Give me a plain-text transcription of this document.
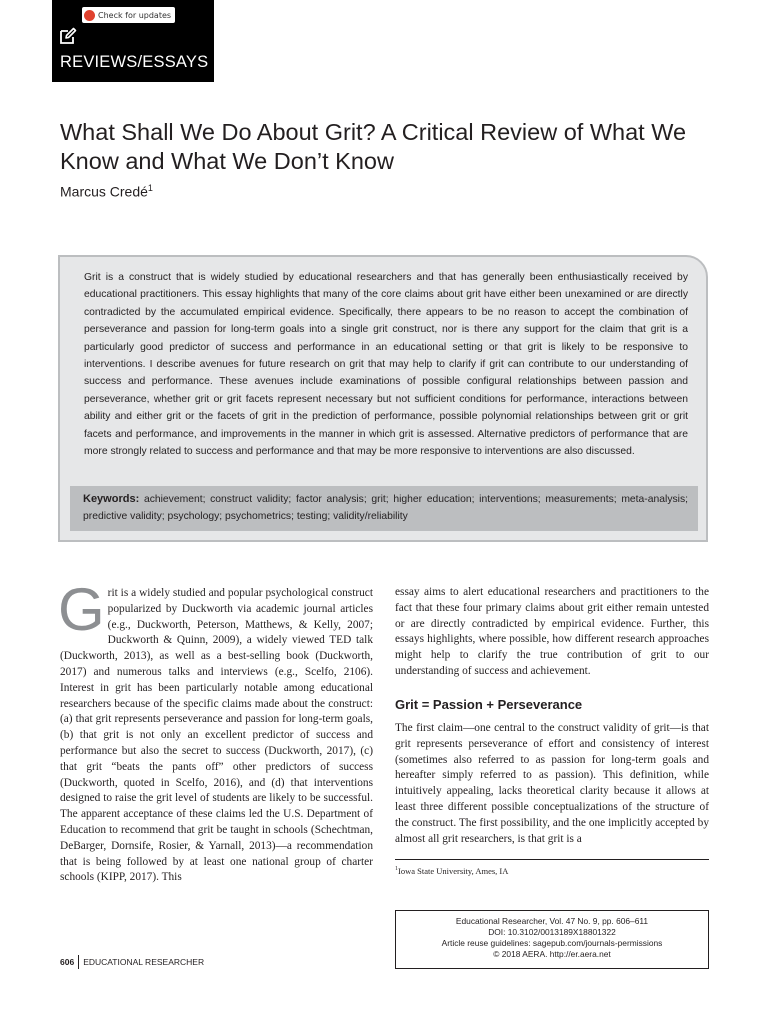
Check for updates
REVIEWS/ESSAYS
What Shall We Do About Grit? A Critical Review of What We Know and What We Don’t Know
Marcus Credé$^1$
Grit is a construct that is widely studied by educational researchers and that has generally been enthusiastically received by educational practitioners. This essay highlights that many of the core claims about grit have either been unexamined or are directly contradicted by the accumulated empirical evidence. Specifically, there appears to be no reason to accept the combination of perseverance and passion for long-term goals into a single grit construct, nor is there any support for the claim that grit is a particularly good predictor of success and performance in an educational setting or that grit is likely to be responsive to interventions. I describe avenues for future research on grit that may help to clarify if grit can contribute to our understanding of success and performance. These avenues include examinations of possible configural relationships between passion and perseverance, whether grit or grit facets represent necessary but not sufficient conditions for performance, interactions between ability and either grit or the facets of grit in the prediction of performance, possible polynomial relationships between grit or grit facets and performance, and improvements in the manner in which grit is assessed. Alternative predictors of performance that are more strongly related to success and performance and that may be more responsive to interventions are also discussed.
Keywords: achievement; construct validity; factor analysis; grit; higher education; interventions; measurements; meta-analysis; predictive validity; psychology; psychometrics; testing; validity/reliability
Grit is a widely studied and popular psychological construct popularized by Duckworth via academic journal articles (e.g., Duckworth, Peterson, Matthews, & Kelly, 2007; Duckworth & Quinn, 2009), a widely viewed TED talk (Duckworth, 2013), as well as a best-selling book (Duckworth, 2017) and numerous talks and interviews (e.g., Scelfo, 2106). Interest in grit has been particularly notable among educational researchers because of the specific claims made about the construct: (a) that grit represents perseverance and passion for long-term goals, (b) that grit is not only an excellent predictor of success and performance but also the secret to success (Duckworth, 2017), (c) that grit “beats the pants off” other predictors of success (Duckworth, quoted in Scelfo, 2016), and (d) that interventions designed to raise the grit level of students are likely to be successful. The apparent acceptance of these claims led the U.S. Department of Education to recommend that grit be taught in schools (Schechtman, DeBarger, Dornsife, Rosier, & Yarnall, 2013)—a recommendation that is being followed by at least one national group of charter schools (KIPP, 2017). This
essay aims to alert educational researchers and practitioners to the fact that these four primary claims about grit either remain untested or are directly contradicted by empirical evidence. Further, this essays highlights, where possible, how different research approaches might help to clarify the true contribution of grit to our understanding of success and achievement.
Grit = Passion + Perseverance
The first claim—one central to the construct validity of grit—is that grit represents perseverance of effort and consistency of interest (sometimes also referred to as passion for long-term goals and hereafter simply referred to as passion). This definition, while intuitively appealing, lacks theoretical clarity because it allows at least three different possible conceptualizations of the structure of the construct. The first possibility, and the one implicitly accepted by almost all grit researchers, is that grit is a
$^1$Iowa State University, Ames, IA
Educational Researcher, Vol. 47 No. 9, pp. 606–611
DOI: 10.3102/0013189X18801322
Article reuse guidelines: sagepub.com/journals-permissions
© 2018 AERA. http://er.aera.net
606	EDUCATIONAL RESEARCHER
